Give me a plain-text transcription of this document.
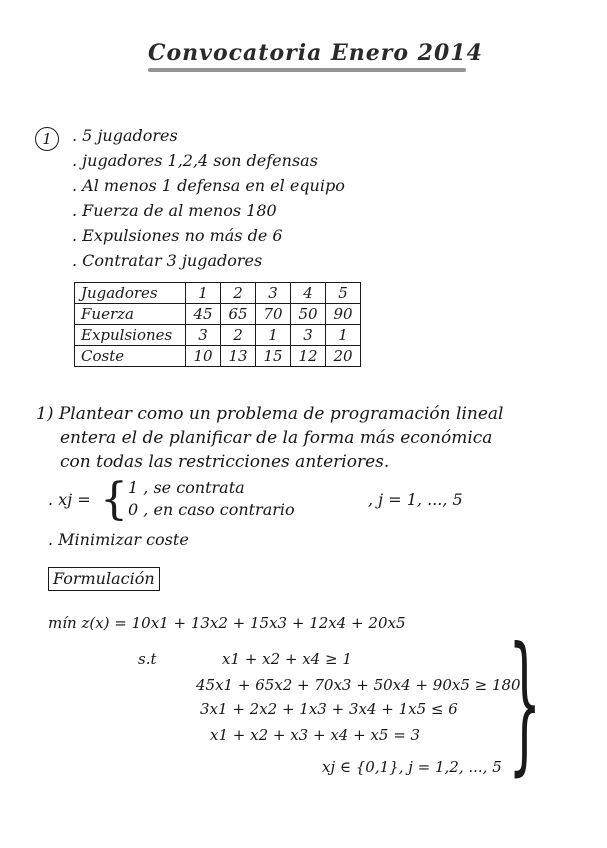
Convocatoria Enero 2014
1	. 5 jugadores
. jugadores 1,2,4 son defensas
. Al menos 1 defensa en el equipo
. Fuerza de al menos 180
. Expulsiones no más de 6
. Contratar 3 jugadores
Jugadores	1	2	3	4	5
Fuerza	45	65	70	50	90
Expulsiones	3	2	1	3	1
Coste	10	13	15	12	20
1) Plantear como un problema de programación lineal
entera el de planificar de la forma más económica
con todas las restricciones anteriores.
. xj = { 1 , se contrata
0 , en caso contrario
, j = 1, ..., 5
. Minimizar coste
Formulación
mín z(x) = 10x1 + 13x2 + 15x3 + 12x4 + 20x5
s.t	x1 + x2 + x4 ≥ 1
45x1 + 65x2 + 70x3 + 50x4 + 90x5 ≥ 180
3x1 + 2x2 + 1x3 + 3x4 + 1x5 ≤ 6
x1 + x2 + x3 + x4 + x5 = 3
xj ∈ {0,1}, j = 1,2, ..., 5 }
